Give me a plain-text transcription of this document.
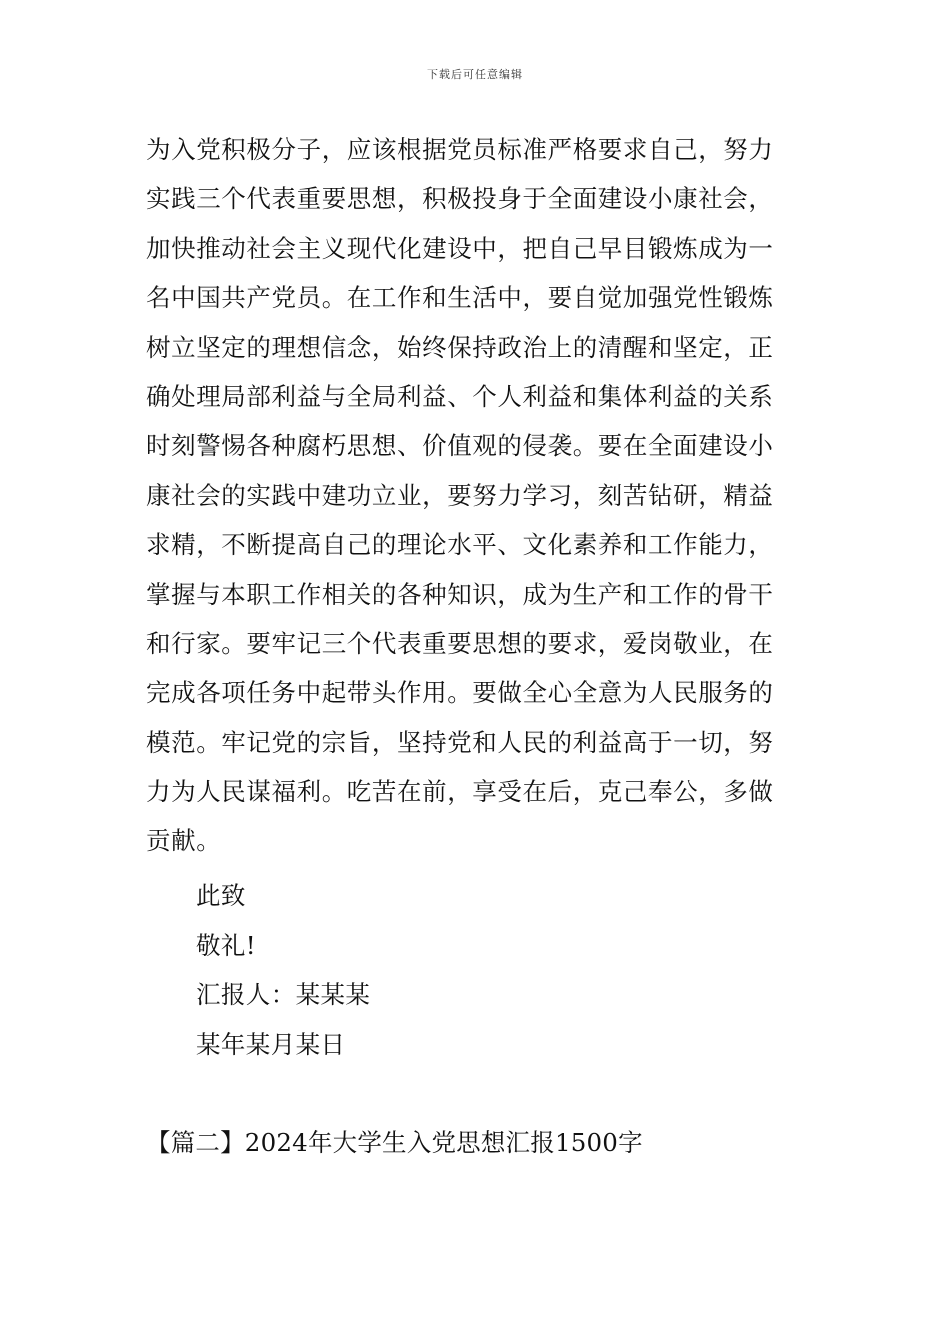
下载后可任意编辑
为入党积极分子，应该根据党员标准严格要求自己，努力
实践三个代表重要思想，积极投身于全面建设小康社会，
加快推动社会主义现代化建设中，把自己早目锻炼成为一
名中国共产党员。在工作和生活中，要自觉加强党性锻炼
树立坚定的理想信念，始终保持政治上的清醒和坚定，正
确处理局部利益与全局利益、个人利益和集体利益的关系
时刻警惕各种腐朽思想、价值观的侵袭。要在全面建设小
康社会的实践中建功立业，要努力学习，刻苦钻研，精益
求精，不断提高自己的理论水平、文化素养和工作能力，
掌握与本职工作相关的各种知识，成为生产和工作的骨干
和行家。要牢记三个代表重要思想的要求，爱岗敬业，在
完成各项任务中起带头作用。要做全心全意为人民服务的
模范。牢记党的宗旨，坚持党和人民的利益高于一切，努
力为人民谋福利。吃苦在前，享受在后，克己奉公，多做
贡献。
此致
敬礼!
汇报人：某某某
某年某月某日
【篇二】2024年大学生入党思想汇报1500字
